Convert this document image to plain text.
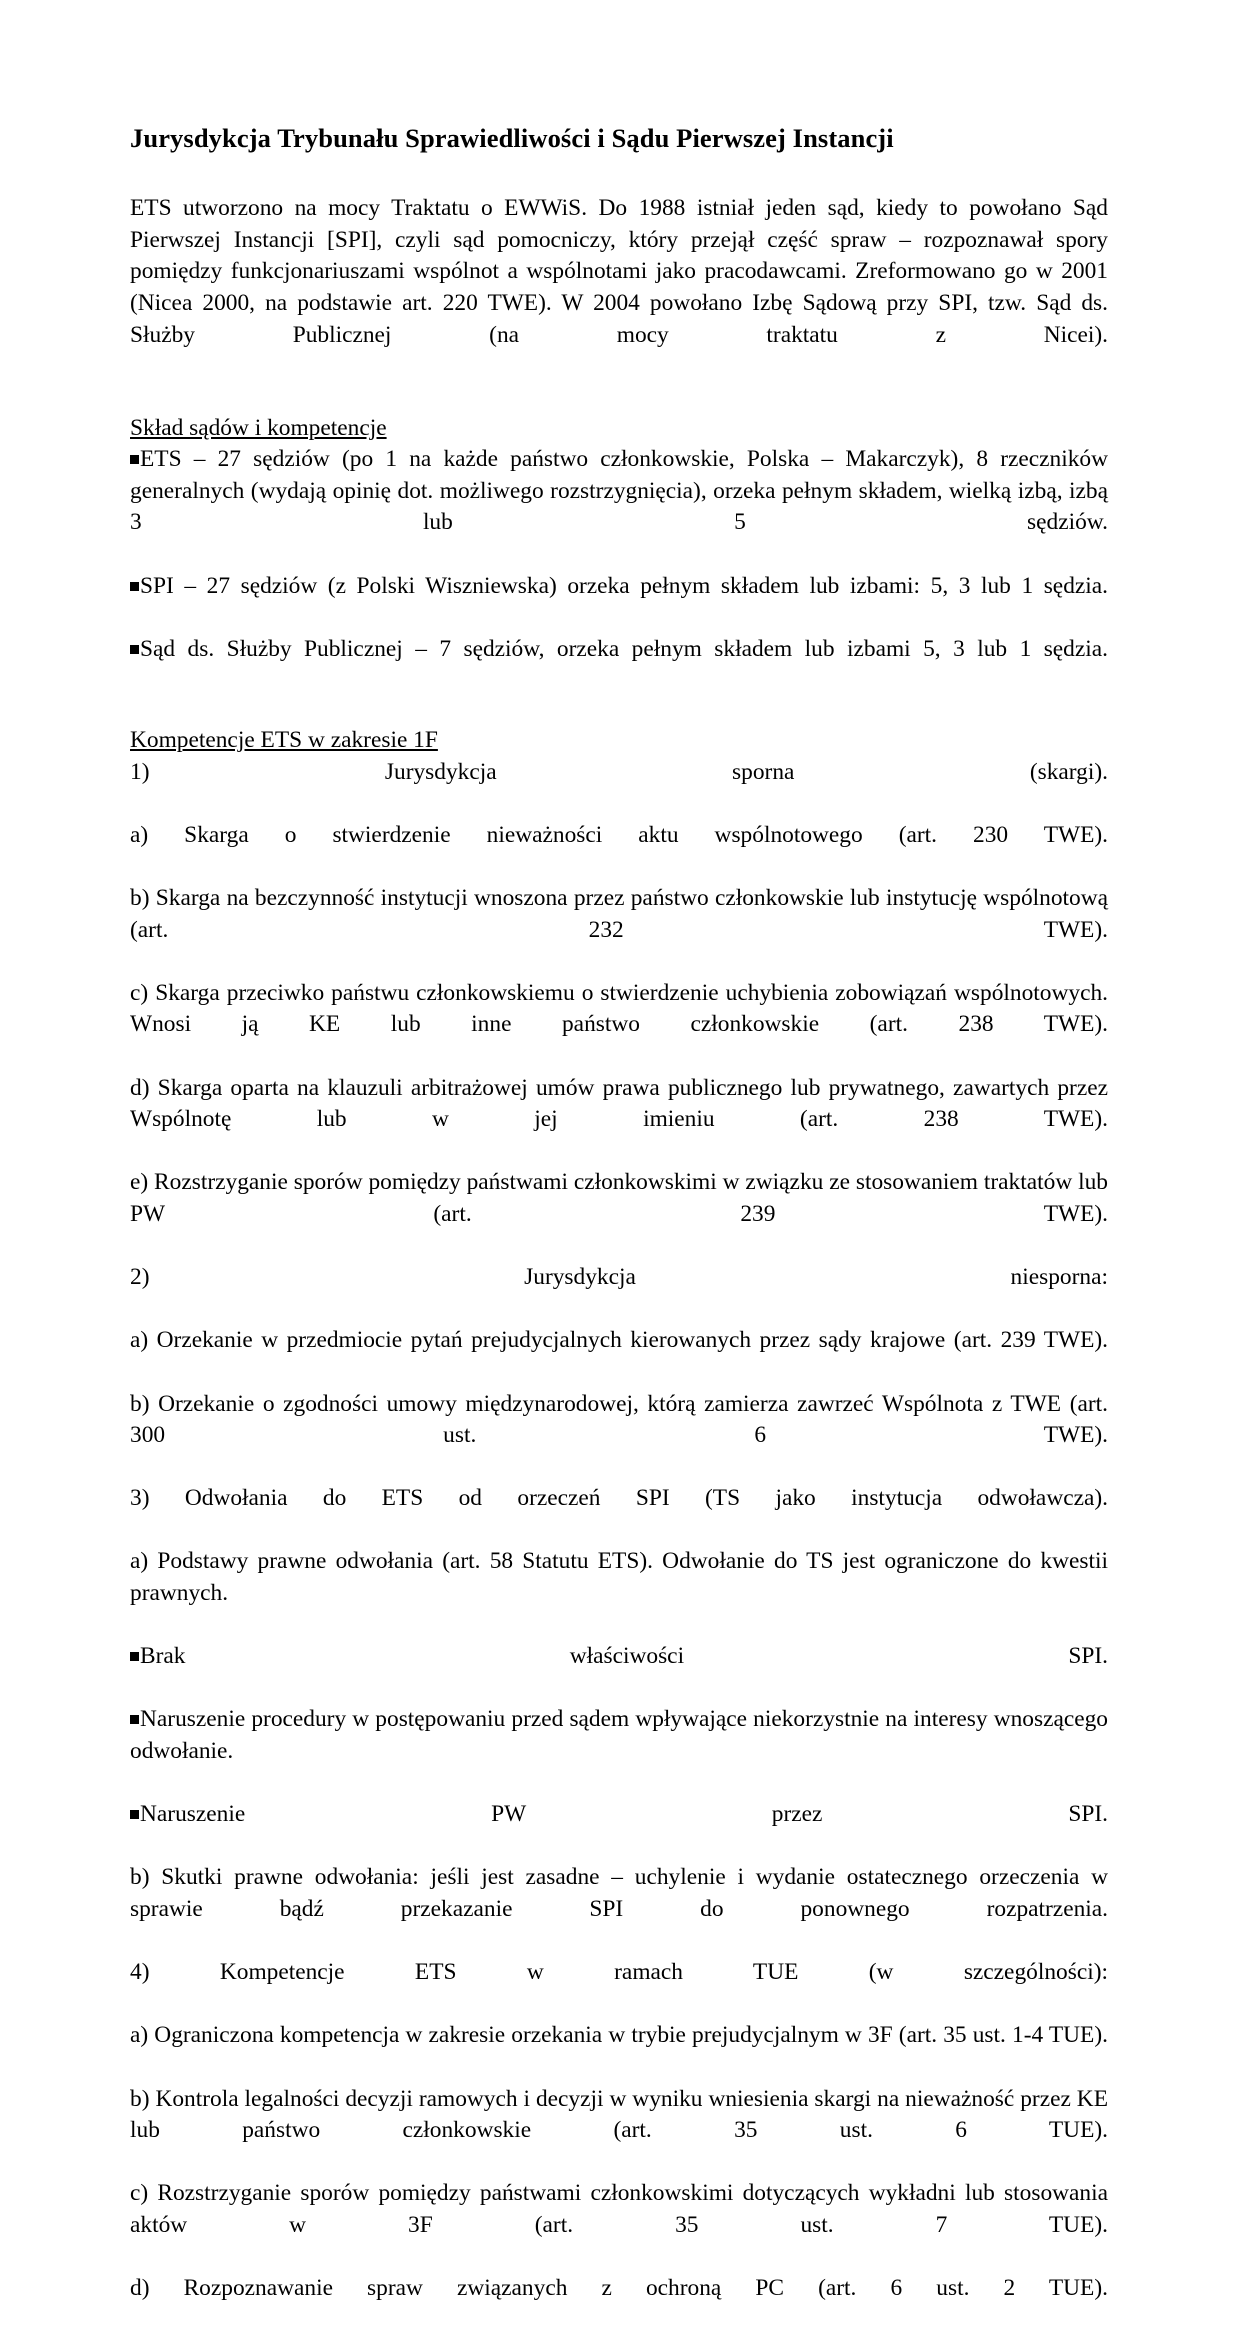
Jurysdykcja Trybunału Sprawiedliwości i Sądu Pierwszej Instancji

ETS utworzono na mocy Traktatu o EWWiS. Do 1988 istniał jeden sąd, kiedy to powołano Sąd Pierwszej Instancji [SPI], czyli sąd pomocniczy, który przejął część spraw – rozpoznawał spory pomiędzy funkcjonariuszami wspólnot a wspólnotami jako pracodawcami. Zreformowano go w 2001 (Nicea 2000, na podstawie art. 220 TWE). W 2004 powołano Izbę Sądową przy SPI, tzw. Sąd ds. Służby Publicznej (na mocy traktatu z Nicei).

Skład sądów i kompetencje

ETS – 27 sędziów (po 1 na każde państwo członkowskie, Polska – Makarczyk), 8 rzeczników generalnych (wydają opinię dot. możliwego rozstrzygnięcia), orzeka pełnym składem, wielką izbą, izbą 3 lub 5 sędziów.

SPI – 27 sędziów (z Polski Wiszniewska) orzeka pełnym składem lub izbami: 5, 3 lub 1 sędzia.

Sąd ds. Służby Publicznej – 7 sędziów, orzeka pełnym składem lub izbami 5, 3 lub 1 sędzia.

Kompetencje ETS w zakresie 1F

1) Jurysdykcja sporna (skargi).

a) Skarga o stwierdzenie nieważności aktu wspólnotowego (art. 230 TWE).

b) Skarga na bezczynność instytucji wnoszona przez państwo członkowskie lub instytucję wspólnotową (art. 232 TWE).

c) Skarga przeciwko państwu członkowskiemu o stwierdzenie uchybienia zobowiązań wspólnotowych. Wnosi ją KE lub inne państwo członkowskie (art. 238 TWE).

d) Skarga oparta na klauzuli arbitrażowej umów prawa publicznego lub prywatnego, zawartych przez Wspólnotę lub w jej imieniu (art. 238 TWE).

e) Rozstrzyganie sporów pomiędzy państwami członkowskimi w związku ze stosowaniem traktatów lub PW (art. 239 TWE).

2) Jurysdykcja niesporna:

a) Orzekanie w przedmiocie pytań prejudycjalnych kierowanych przez sądy krajowe (art. 239 TWE).

b) Orzekanie o zgodności umowy międzynarodowej, którą zamierza zawrzeć Wspólnota z TWE (art. 300 ust. 6 TWE).

3) Odwołania do ETS od orzeczeń SPI (TS jako instytucja odwoławcza).

a) Podstawy prawne odwołania (art. 58 Statutu ETS). Odwołanie do TS jest ograniczone do kwestii prawnych.

Brak właściwości SPI.

Naruszenie procedury w postępowaniu przed sądem wpływające niekorzystnie na interesy wnoszącego odwołanie.

Naruszenie PW przez SPI.

b) Skutki prawne odwołania: jeśli jest zasadne – uchylenie i wydanie ostatecznego orzeczenia w sprawie bądź przekazanie SPI do ponownego rozpatrzenia.

4) Kompetencje ETS w ramach TUE (w szczególności):

a) Ograniczona kompetencja w zakresie orzekania w trybie prejudycjalnym w 3F (art. 35 ust. 1-4 TUE).

b) Kontrola legalności decyzji ramowych i decyzji w wyniku wniesienia skargi na nieważność przez KE lub państwo członkowskie (art. 35 ust. 6 TUE).

c) Rozstrzyganie sporów pomiędzy państwami członkowskimi dotyczących wykładni lub stosowania aktów w 3F (art. 35 ust. 7 TUE).

d) Rozpoznawanie spraw związanych z ochroną PC (art. 6 ust. 2 TUE).
